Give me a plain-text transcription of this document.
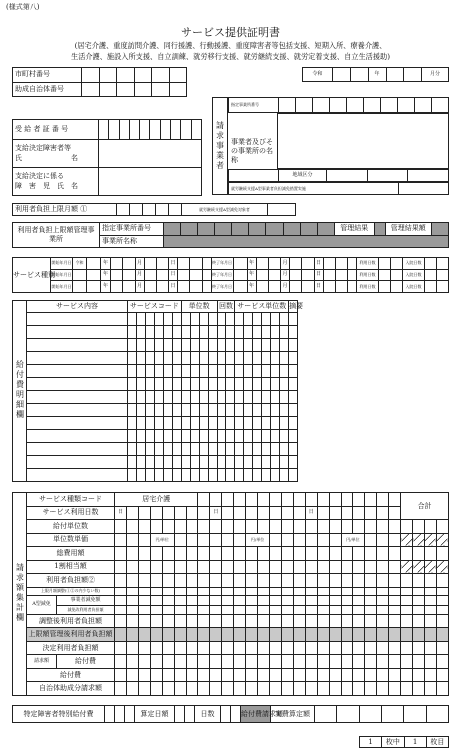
(様式第八)
サービス提供証明書
(居宅介護、重度訪問介護、同行援護、行動援護、重度障害者等包括支援、短期入所、療養介護、
生活介護、施設入所支援、自立訓練、就労移行支援、就労継続支援、就労定着支援、自立生活援助)
市町村番号						
助成自治体番号						
令和			年			月分
受 給 者 証 番 号										

支給決定障害者等
氏　　　　　　　名										

支給決定に係る
障　害　児　氏　名										

請求事業者
指定事業所番号										
事業者及びその事業所の名称
	地域区分			
就労継続支援A型事業者負担減免措置実施	
利用者負担上限月額 ①						就労継続支援A型減免対象者	
利用者負担上限額管理事業所	指定事業所番号											管理結果		管理結果額	
	事業所名称														
サービス種別	開始年月日	令和		年			月			日				終了年月日		年			月			日				利用日数			入院日数		
	開始年月日			年			月			日				終了年月日		年			月			日				利用日数			入院日数		
	開始年月日			年			月			日				終了年月日		年			月			日				利用日数			入院日数		
給付費明細欄	サービス内容	サービスコード						単位数				回数		サービス単位数						摘要

請求額集計欄	サービス種類コード		居宅介護																								合計			
	サービス利用日数		日								日								日											
	給付単位数																													
	単位数単価					円/単位								円/単位								円/単位								
	総費用額																													
	1割相当額																													
	利用者負担額②																													
	上限月額調整(①②の内少ない数)																													
	A型減免	事業者減免額																												
		減免改利用者負担額																												
	調整後利用者負担額																													
	上限額管理後利用者負担額																													
	決定利用者負担額																													
	請求額	給付費																												
	給付費																													
	自治体助成分請求額																													
特定障害者特別給付費				算定日額			日数			給付費請求額	実費算定額						
1	枚中	1	枚目
